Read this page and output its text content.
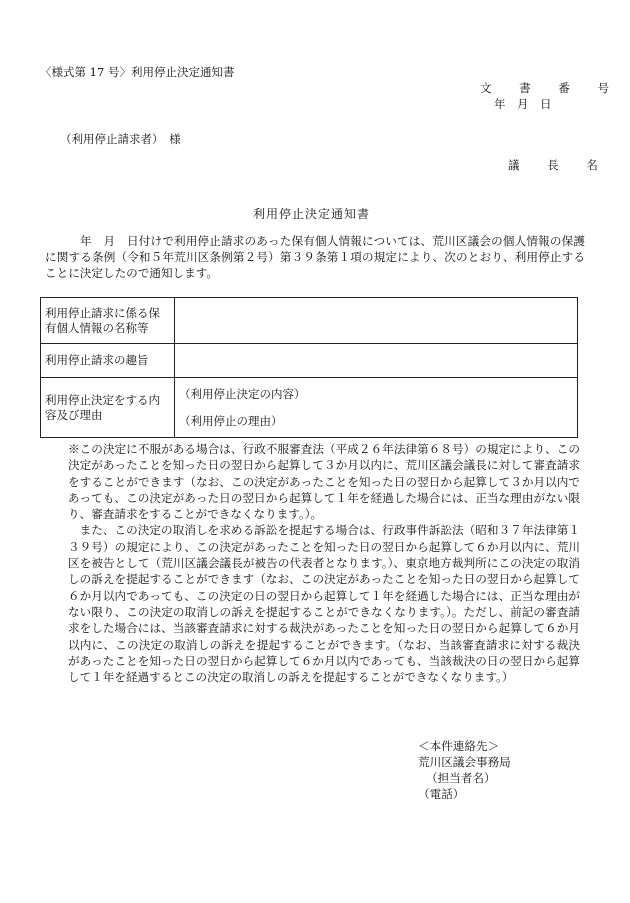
〈様式第 17 号〉利用停止決定通知書
文 書 番 号
年　月　日
（利用停止請求者）　様
議 長 名
利用停止決定通知書

　年　月　日付けで利用停止請求のあった保有個人情報については、荒川区議会の個人情報の保護に関する条例（令和５年荒川区条例第２号）第３９条第１項の規定により、次のとおり、利用停止することに決定したので通知します。

利用停止請求に係る保有個人情報の名称等	
利用停止請求の趣旨	
利用停止決定をする内容及び理由	（利用停止決定の内容）
（利用停止の理由）

※この決定に不服がある場合は、行政不服審査法（平成２６年法律第６８号）の規定により、この決定があったことを知った日の翌日から起算して３か月以内に、荒川区議会議長に対して審査請求をすることができます（なお、この決定があったことを知った日の翌日から起算して３か月以内であっても、この決定があった日の翌日から起算して１年を経過した場合には、正当な理由がない限り、審査請求をすることができなくなります。）。

また、この決定の取消しを求める訴訟を提起する場合は、行政事件訴訟法（昭和３７年法律第１３９号）の規定により、この決定があったことを知った日の翌日から起算して６か月以内に、荒川区を被告として（荒川区議会議長が被告の代表者となります。）、東京地方裁判所にこの決定の取消しの訴えを提起することができます（なお、この決定があったことを知った日の翌日から起算して６か月以内であっても、この決定の日の翌日から起算して１年を経過した場合には、正当な理由がない限り、この決定の取消しの訴えを提起することができなくなります。）。ただし、前記の審査請求をした場合には、当該審査請求に対する裁決があったことを知った日の翌日から起算して６か月以内に、この決定の取消しの訴えを提起することができます。（なお、当該審査請求に対する裁決があったことを知った日の翌日から起算して６か月以内であっても、当該裁決の日の翌日から起算して１年を経過するとこの決定の取消しの訴えを提起することができなくなります。）

＜本件連絡先＞
荒川区議会事務局
（担当者名）
（電話）
